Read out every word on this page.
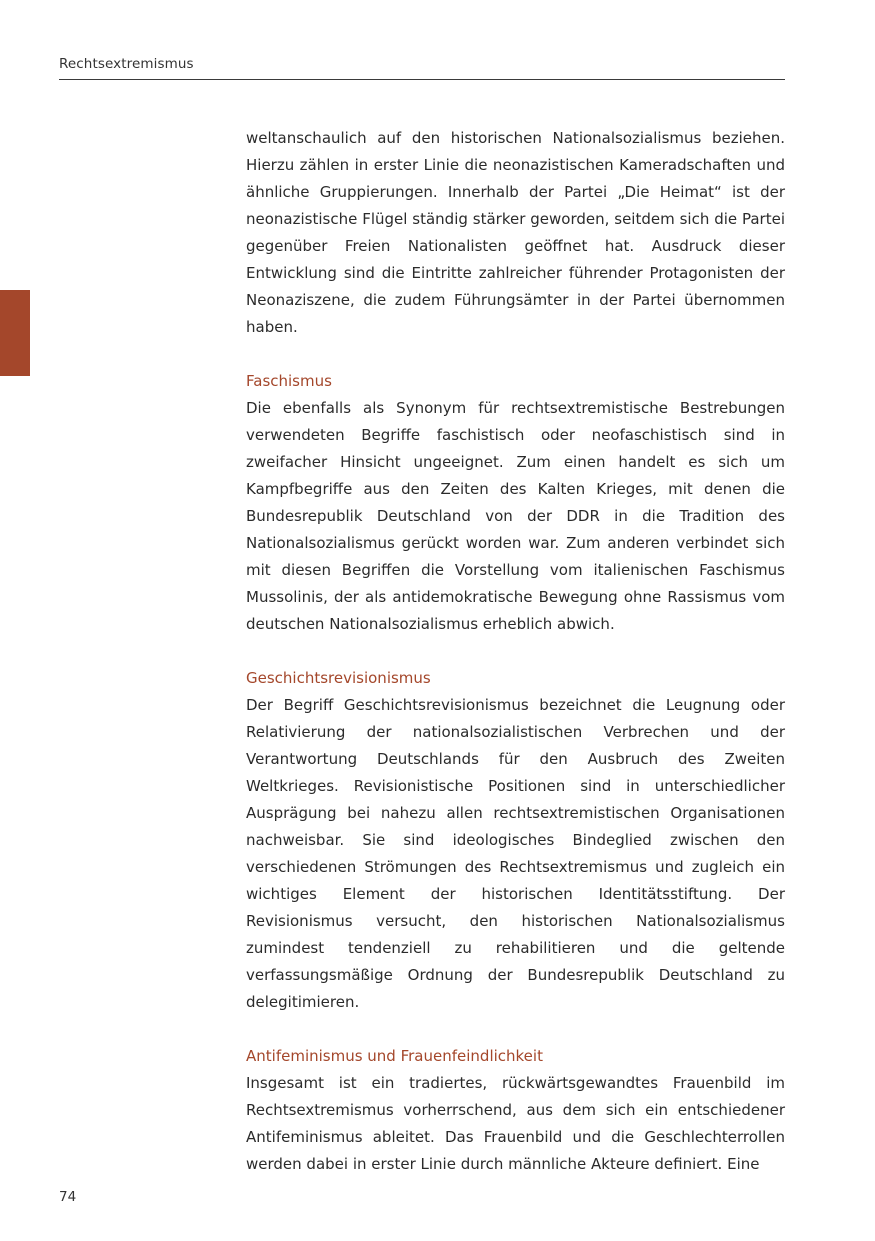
Rechtsextremismus

weltanschaulich auf den historischen Nationalsozialismus beziehen. Hierzu zählen in erster Linie die neonazistischen Kameradschaften und ähnliche Gruppierungen. Innerhalb der Partei „Die Heimat“ ist der neonazistische Flügel ständig stärker geworden, seitdem sich die Partei gegenüber Freien Nationalisten geöffnet hat. Ausdruck dieser Entwicklung sind die Eintritte zahlreicher führender Protagonisten der Neonaziszene, die zudem Führungsämter in der Partei übernommen haben.

Faschismus

Die ebenfalls als Synonym für rechtsextremistische Bestrebungen verwendeten Begriffe faschistisch oder neofaschistisch sind in zweifacher Hinsicht ungeeignet. Zum einen handelt es sich um Kampfbegriffe aus den Zeiten des Kalten Krieges, mit denen die Bundesrepublik Deutschland von der DDR in die Tradition des Nationalsozialismus gerückt worden war. Zum anderen verbindet sich mit diesen Begriffen die Vorstellung vom italienischen Faschismus Mussolinis, der als antidemokratische Bewegung ohne Rassismus vom deutschen Nationalsozialismus erheblich abwich.

Geschichtsrevisionismus

Der Begriff Geschichtsrevisionismus bezeichnet die Leugnung oder Relativierung der nationalsozialistischen Verbrechen und der Verantwortung Deutschlands für den Ausbruch des Zweiten Weltkrieges. Revisionistische Positionen sind in unterschiedlicher Ausprägung bei nahezu allen rechtsextremistischen Organisationen nachweisbar. Sie sind ideologisches Bindeglied zwischen den verschiedenen Strömungen des Rechtsextremismus und zugleich ein wichtiges Element der historischen Identitätsstiftung. Der Revisionismus versucht, den historischen Nationalsozialismus zumindest tendenziell zu rehabilitieren und die geltende verfassungsmäßige Ordnung der Bundesrepublik Deutschland zu delegitimieren.

Antifeminismus und Frauenfeindlichkeit

Insgesamt ist ein tradiertes, rückwärtsgewandtes Frauenbild im Rechtsextremismus vorherrschend, aus dem sich ein entschiedener Antifeminismus ableitet. Das Frauenbild und die Geschlechterrollen werden dabei in erster Linie durch männliche Akteure definiert. Eine

74
